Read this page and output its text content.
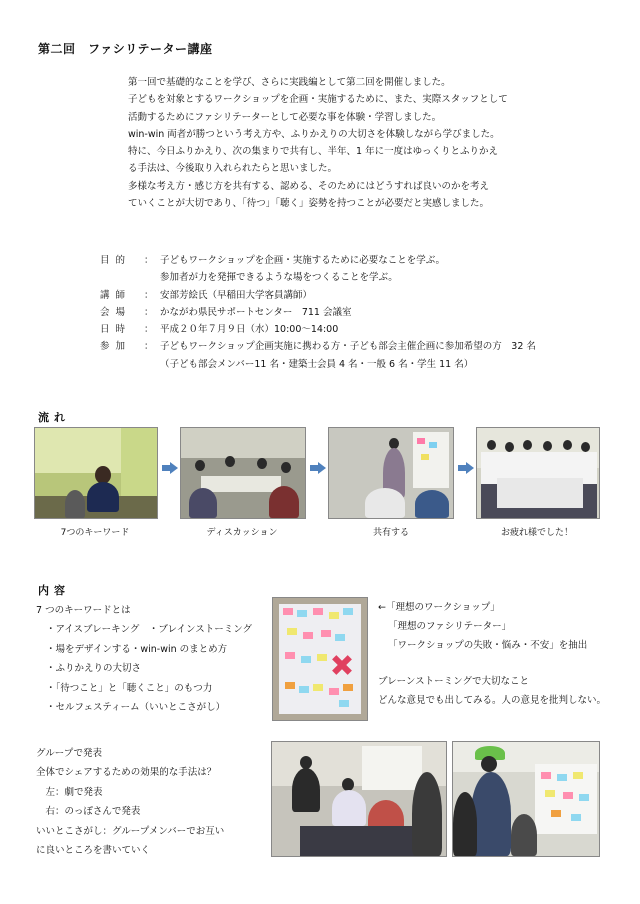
第二回　ファシリテーター講座
第一回で基礎的なことを学び、さらに実践編として第二回を開催しました。
子どもを対象とするワークショップを企画・実施するために、また、実際スタッフとして
活動するためにファシリテーターとして必要な事を体験・学習しました。
win-win 両者が勝つという考え方や、ふりかえりの大切さを体験しながら学びました。
特に、今日ふりかえり、次の集まりで共有し、半年、1 年に一度はゆっくりとふりかえ
る手法は、今後取り入れられたらと思いました。
多様な考え方・感じ方を共有する、認める、そのためにはどうすれば良いのかを考え
ていくことが大切であり、「待つ」「聴く」姿勢を持つことが必要だと実感しました。
目的	： 子どもワークショップを企画・実施するために必要なことを学ぶ。
参加者が力を発揮できるような場をつくることを学ぶ。
講師	： 安部芳絵氏（早稲田大学客員講師）
会場	： かながわ県民サポートセンター　711 会議室
日時	： 平成２０年７月９日（水）10:00～14:00
参加	： 子どもワークショップ企画実施に携わる方・子ども部会主催企画に参加希望の方　32 名
（子ども部会メンバー11 名・建築士会員 4 名・一般 6 名・学生 11 名）
流れ
7つのキーワード	ディスカッション	共有する	お疲れ様でした！
内容
7 つのキーワードとは
・アイスブレーキング　・ブレインストーミング
・場をデザインする・win-win のまとめ方
・ふりかえりの大切さ
・「待つこと」と「聴くこと」のもつ力
・セルフェスティーム（いいとこさがし）
←「理想のワークショップ」
「理想のファシリテーター」
「ワークショップの失敗・悩み・不安」を抽出
ブレーンストーミングで大切なこと
どんな意見でも出してみる。人の意見を批判しない。
グループで発表
全体でシェアするための効果的な手法は？
　左：劇で発表
　右：のっぽさんで発表
いいとこさがし：グループメンバーでお互い
に良いところを書いていく
